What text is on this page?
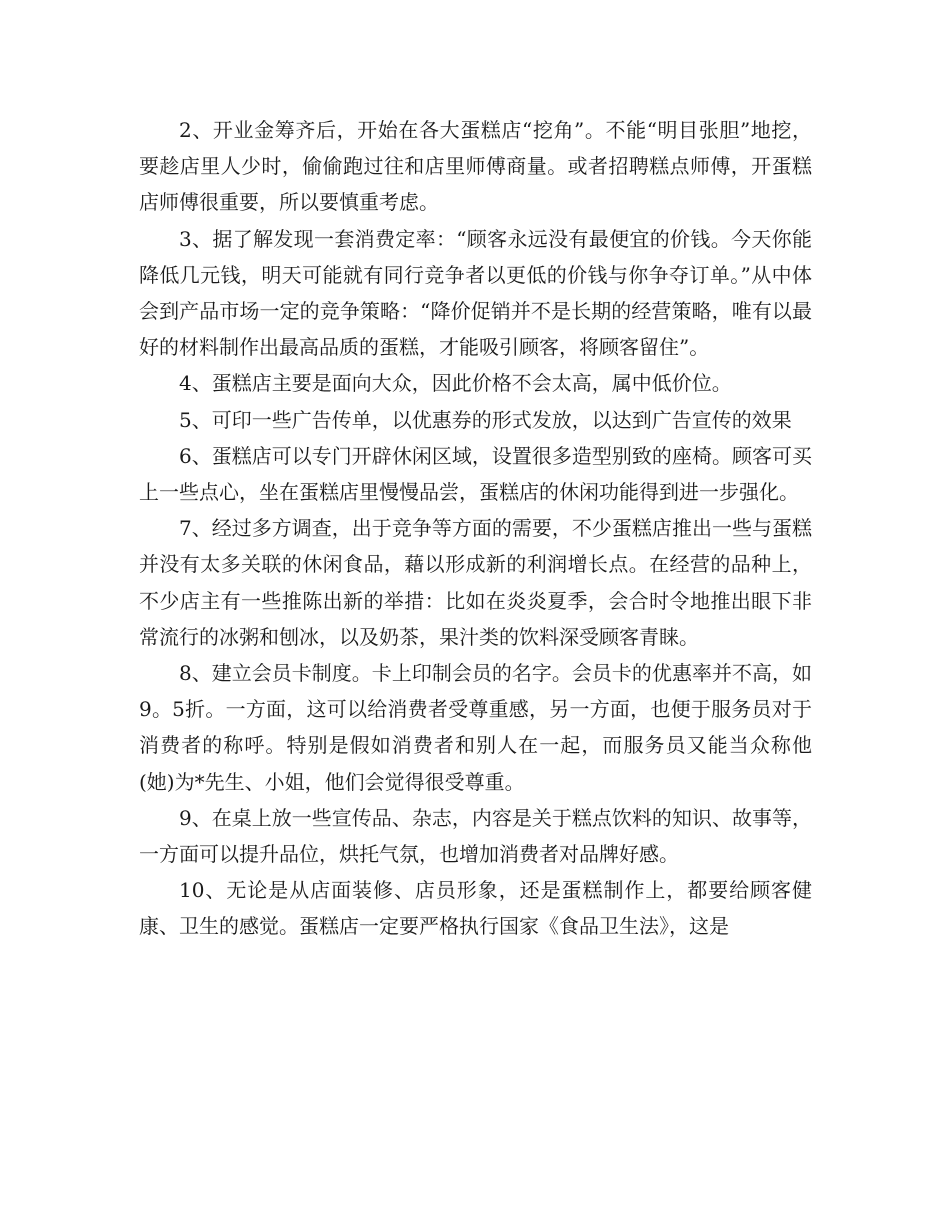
2、开业金筹齐后，开始在各大蛋糕店“挖角”。不能“明目张胆”地挖，要趁店里人少时，偷偷跑过往和店里师傅商量。或者招聘糕点师傅，开蛋糕店师傅很重要，所以要慎重考虑。

3、据了解发现一套消费定率：“顾客永远没有最便宜的价钱。今天你能降低几元钱，明天可能就有同行竞争者以更低的价钱与你争夺订单。”从中体会到产品市场一定的竞争策略：“降价促销并不是长期的经营策略，唯有以最好的材料制作出最高品质的蛋糕，才能吸引顾客，将顾客留住”。

4、蛋糕店主要是面向大众，因此价格不会太高，属中低价位。

5、可印一些广告传单，以优惠券的形式发放，以达到广告宣传的效果

6、蛋糕店可以专门开辟休闲区域，设置很多造型别致的座椅。顾客可买上一些点心，坐在蛋糕店里慢慢品尝，蛋糕店的休闲功能得到进一步强化。

7、经过多方调查，出于竞争等方面的需要，不少蛋糕店推出一些与蛋糕并没有太多关联的休闲食品，藉以形成新的利润增长点。在经营的品种上，不少店主有一些推陈出新的举措：比如在炎炎夏季，会合时令地推出眼下非常流行的冰粥和刨冰，以及奶茶，果汁类的饮料深受顾客青睐。

8、建立会员卡制度。卡上印制会员的名字。会员卡的优惠率并不高，如9。5折。一方面，这可以给消费者受尊重感，另一方面，也便于服务员对于消费者的称呼。特别是假如消费者和别人在一起，而服务员又能当众称他(她)为*先生、小姐，他们会觉得很受尊重。

9、在桌上放一些宣传品、杂志，内容是关于糕点饮料的知识、故事等，一方面可以提升品位，烘托气氛，也增加消费者对品牌好感。

10、无论是从店面装修、店员形象，还是蛋糕制作上，都要给顾客健康、卫生的感觉。蛋糕店一定要严格执行国家《食品卫生法》，这是
